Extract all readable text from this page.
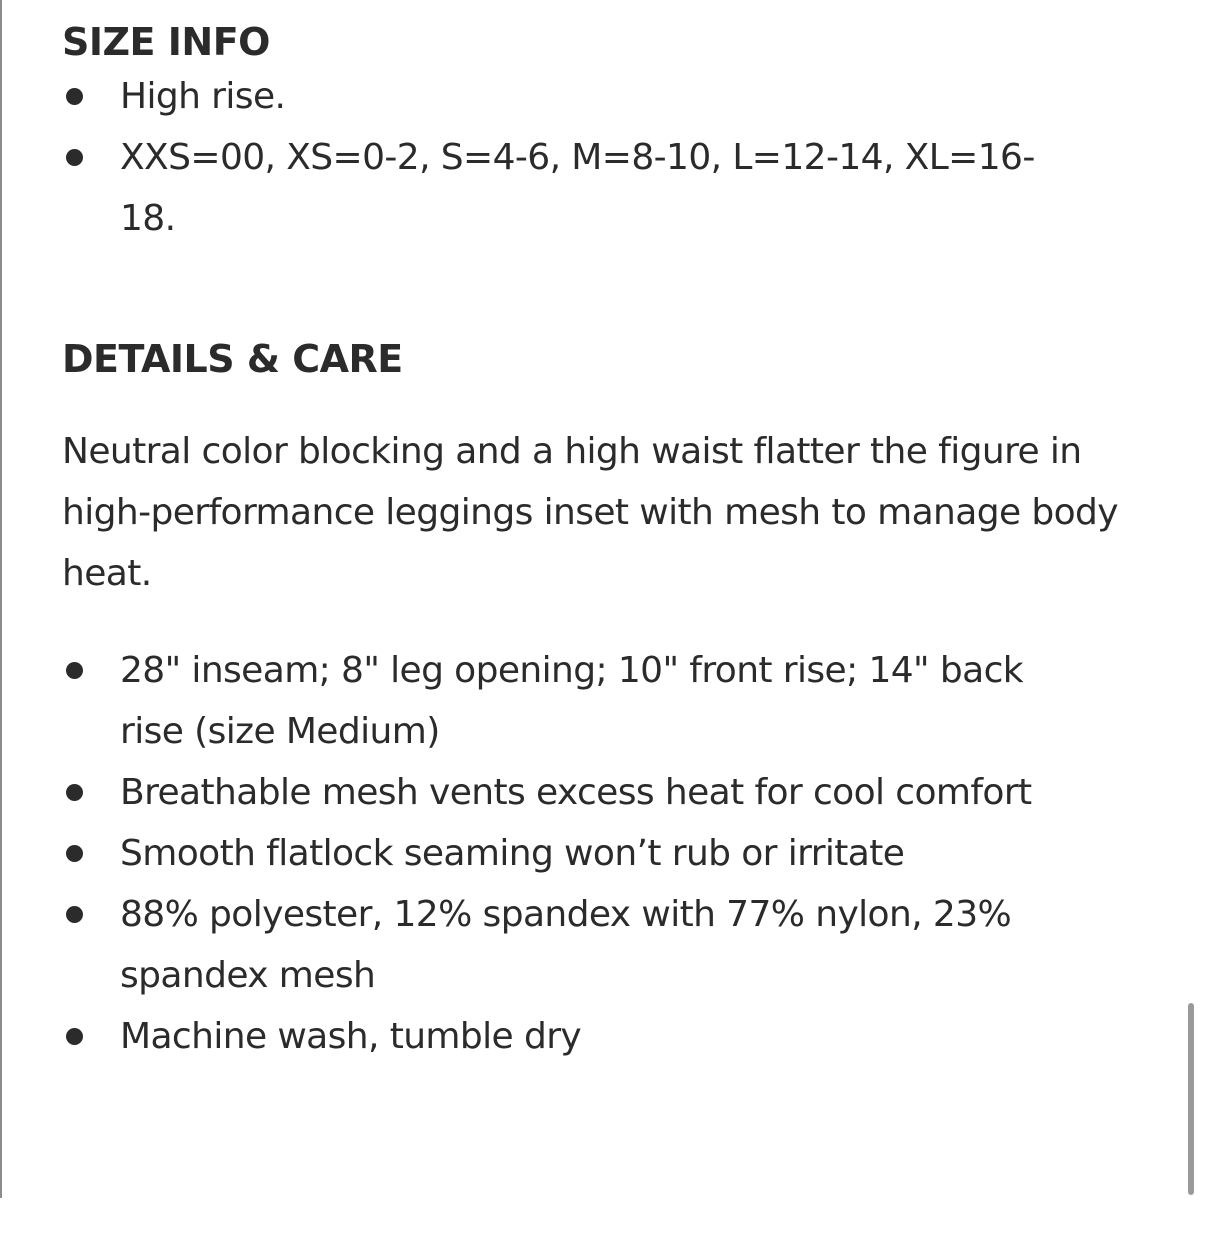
SIZE INFO
High rise.
XXS=00, XS=0-2, S=4-6, M=8-10, L=12-14, XL=16-18.
DETAILS & CARE

Neutral color blocking and a high waist flatter the figure in high-performance leggings inset with mesh to manage body heat.

28" inseam; 8" leg opening; 10" front rise; 14" back rise (size Medium)
Breathable mesh vents excess heat for cool comfort
Smooth flatlock seaming won’t rub or irritate
88% polyester, 12% spandex with 77% nylon, 23% spandex mesh
Machine wash, tumble dry
